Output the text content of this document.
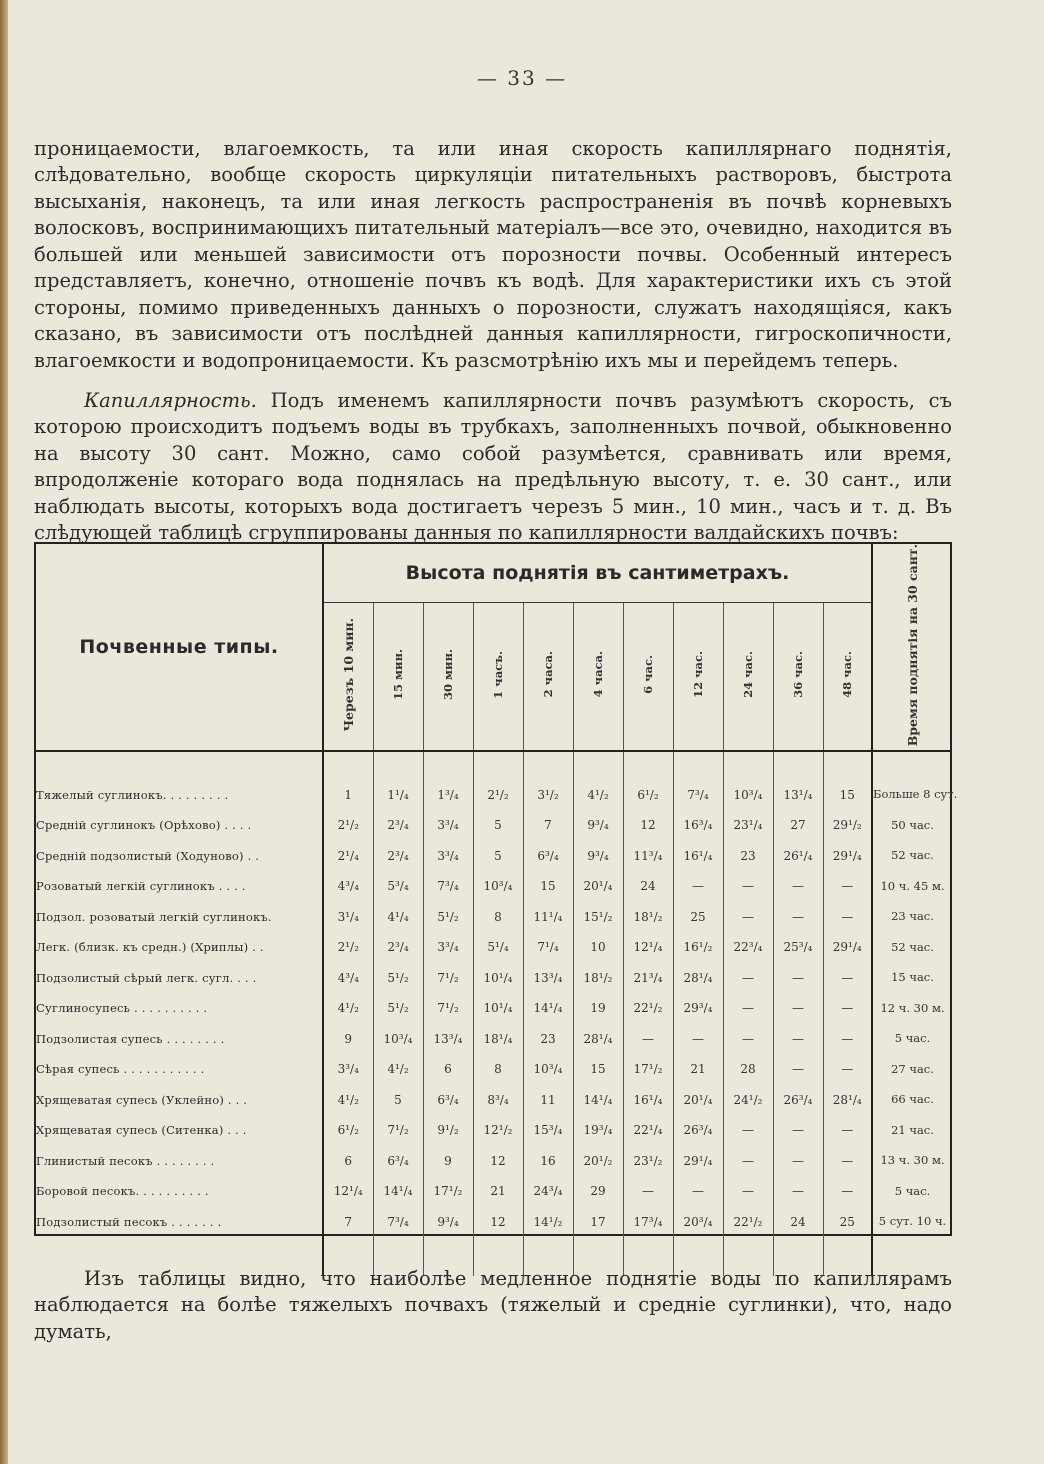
— 33 —

проницаемости, влагоемкость, та или иная скорость капиллярнаго поднятія, слѣдовательно, вообще скорость циркуляціи питательныхъ растворовъ, быстрота высыханія, наконецъ, та или иная легкость распространенія въ почвѣ корневыхъ волосковъ, воспринимающихъ питательный матеріалъ—все это, очевидно, находится въ большей или меньшей зависимости отъ порозности почвы. Особенный интересъ представляетъ, конечно, отношеніе почвъ къ водѣ. Для характеристики ихъ съ этой стороны, помимо приведенныхъ данныхъ о порозности, служатъ находящіяся, какъ сказано, въ зависимости отъ послѣдней данныя капиллярности, гигроскопичности, влагоемкости и водопроницаемости. Къ разсмотрѣнію ихъ мы и перейдемъ теперь.

Капиллярность. Подъ именемъ капиллярности почвъ разумѣютъ скорость, съ которою происходитъ подъемъ воды въ трубкахъ, заполненныхъ почвой, обыкновенно на высоту 30 сант. Можно, само собой разумѣется, сравнивать или время, впродолженіе котораго вода поднялась на предѣльную высоту, т. е. 30 сант., или наблюдать высоты, которыхъ вода достигаетъ черезъ 5 мин., 10 мин., часъ и т. д. Въ слѣдующей таблицѣ сгруппированы данныя по капиллярности валдайскихъ почвъ:

Почвенные типы.	Высота поднятія въ сантиметрахъ.											Время поднятія на 30 сант.
	Черезъ 10 мин.	15 мин.	30 мин.	1 часъ.	2 часа.	4 часа.	6 час.	12 час.	24 час.	36 час.	48 час.	

Тяжелый суглинокъ. . . . . . . . .	1	1¹/₄	1³/₄	2¹/₂	3¹/₂	4¹/₂	6¹/₂	7³/₄	10³/₄	13¹/₄	15	Больше 8 сут.
Среднiй суглинокъ (Орѣхово) . . . .	2¹/₂	2³/₄	3³/₄	5	7	9³/₄	12	16³/₄	23¹/₄	27	29¹/₂	50 час.
Среднiй подзолистый (Ходуново) . .	2¹/₄	2³/₄	3³/₄	5	6³/₄	9³/₄	11³/₄	16¹/₄	23	26¹/₄	29¹/₄	52 час.
Розоватый легкiй суглинокъ . . . .	4³/₄	5³/₄	7³/₄	10³/₄	15	20¹/₄	24	—	—	—	—	10 ч. 45 м.
Подзол. розоватый легкiй суглинокъ.	3¹/₄	4¹/₄	5¹/₂	8	11¹/₄	15¹/₂	18¹/₂	25	—	—	—	23 час.
Легк. (близк. къ средн.) (Хриплы) . .	2¹/₂	2³/₄	3³/₄	5¹/₄	7¹/₄	10	12¹/₄	16¹/₂	22³/₄	25³/₄	29¹/₄	52 час.
Подзолистый сѣрый легк. сугл. . . .	4³/₄	5¹/₂	7¹/₂	10¹/₄	13³/₄	18¹/₂	21³/₄	28¹/₄	—	—	—	15 час.
Суглиносупесь . . . . . . . . . .	4¹/₂	5¹/₂	7¹/₂	10¹/₄	14¹/₄	19	22¹/₂	29³/₄	—	—	—	12 ч. 30 м.
Подзолистая супесь . . . . . . . .	9	10³/₄	13³/₄	18¹/₄	23	28¹/₄	—	—	—	—	—	5 час.
Сѣрая супесь . . . . . . . . . . .	3³/₄	4¹/₂	6	8	10³/₄	15	17¹/₂	21	28	—	—	27 час.
Хрящеватая супесь (Уклейно) . . .	4¹/₂	5	6³/₄	8³/₄	11	14¹/₄	16¹/₄	20¹/₄	24¹/₂	26³/₄	28¹/₄	66 час.
Хрящеватая супесь (Ситенка) . . .	6¹/₂	7¹/₂	9¹/₂	12¹/₂	15³/₄	19³/₄	22¹/₄	26³/₄	—	—	—	21 час.
Глинистый песокъ . . . . . . . .	6	6³/₄	9	12	16	20¹/₂	23¹/₂	29¹/₄	—	—	—	13 ч. 30 м.
Боровой песокъ. . . . . . . . . .	12¹/₄	14¹/₄	17¹/₂	21	24³/₄	29	—	—	—	—	—	5 час.
Подзолистый песокъ . . . . . . .	7	7³/₄	9³/₄	12	14¹/₂	17	17³/₄	20³/₄	22¹/₂	24	25	5 сут. 10 ч.

Изъ таблицы видно, что наиболѣе медленное поднятіе воды по капиллярамъ наблюдается на болѣе тяжелыхъ почвахъ (тяжелый и средніе суглинки), что, надо думать,
